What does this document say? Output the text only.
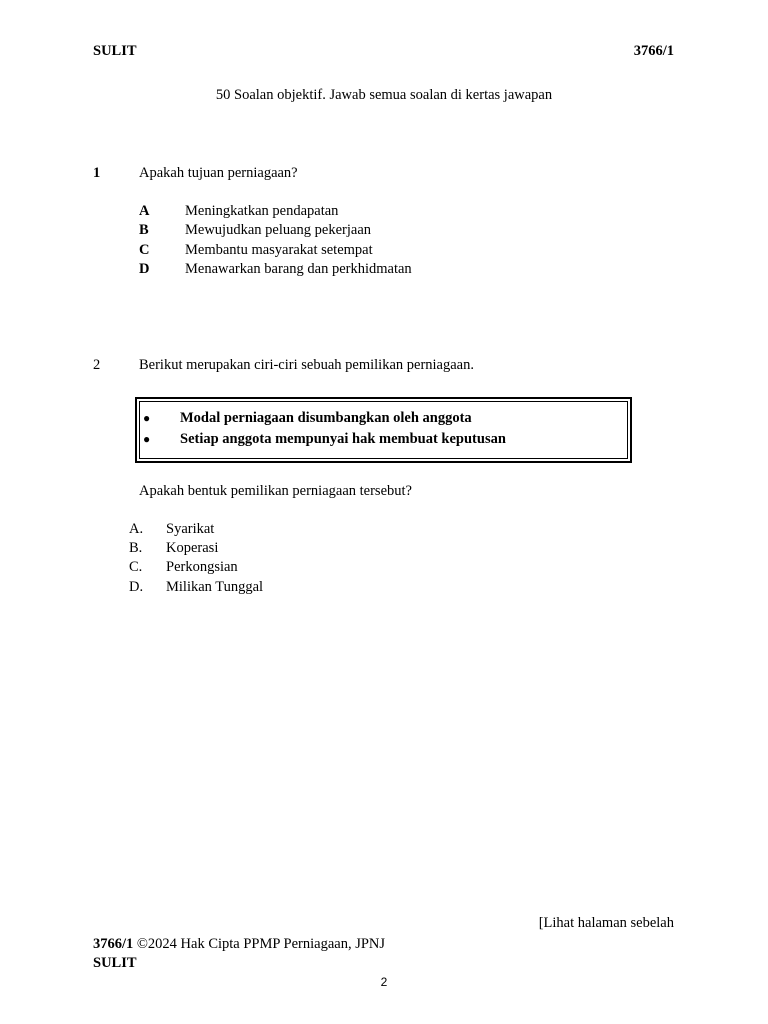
SULIT	3766/1
50 Soalan objektif. Jawab semua soalan di kertas jawapan
1	Apakah tujuan perniagaan?
A Meningkatkan pendapatan
B	Mewujudkan peluang pekerjaan
C Membantu masyarakat setempat
D Menawarkan barang dan perkhidmatan
2	Berikut merupakan ciri-ciri sebuah pemilikan perniagaan.
● Modal perniagaan disumbangkan oleh anggota
● Setiap anggota mempunyai hak membuat keputusan
Apakah bentuk pemilikan perniagaan tersebut?
A. Syarikat
B. Koperasi
C. Perkongsian
D. Milikan Tunggal
[Lihat halaman sebelah
3766/1 ©2024 Hak Cipta PPMP Perniagaan, JPNJ
SULIT
2
